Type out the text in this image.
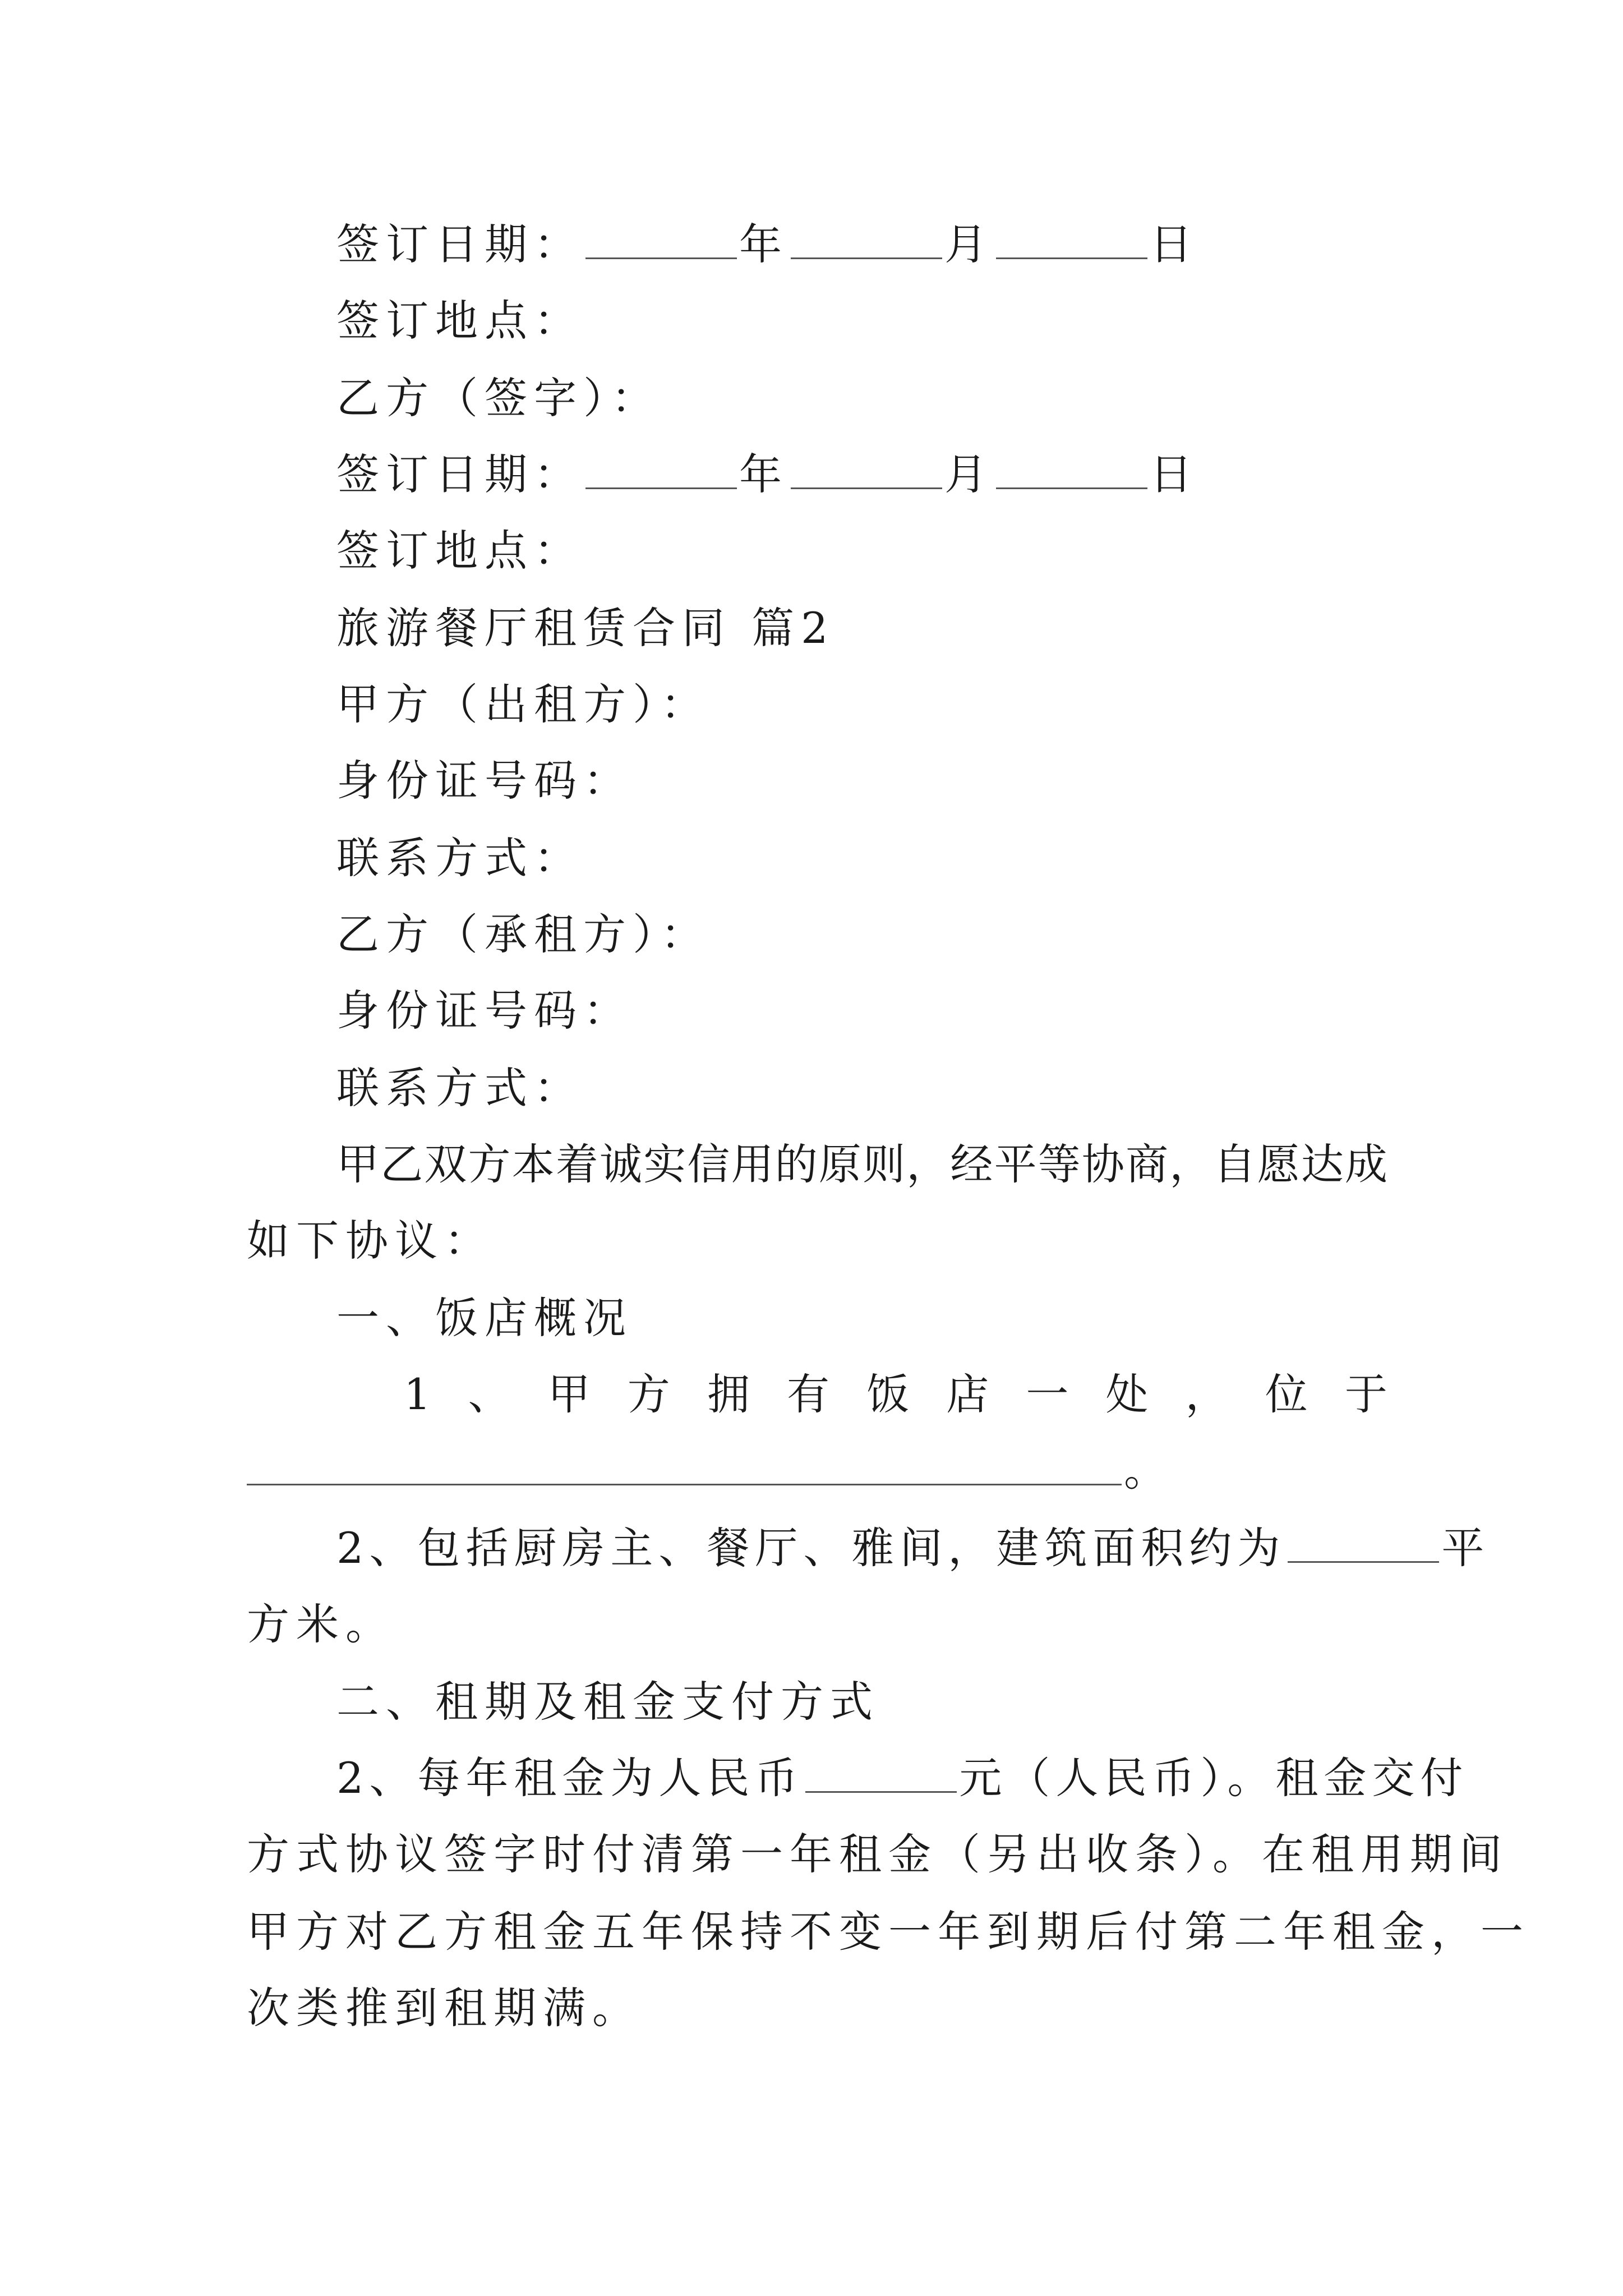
签订日期：	年	月	日
签订地点：
乙方（签字）：
签订日期：	年	月	日
签订地点：
旅游餐厅租赁合同 篇2
甲方（出租方）：
身份证号码：
联系方式：
乙方（承租方）：
身份证号码：
联系方式：
甲乙双方本着诚实信用的原则，经平等协商，自愿达成
如下协议：
一、饭店概况
1 、 甲 方 拥 有 饭 店 一 处 ， 位 于
。
2、包括厨房主、餐厅、雅间，建筑面积约为	平
方米。
二、租期及租金支付方式
2、每年租金为人民币	元（人民币）。租金交付
方式协议签字时付清第一年租金（另出收条）。在租用期间
甲方对乙方租金五年保持不变一年到期后付第二年租金，一
次类推到租期满。
